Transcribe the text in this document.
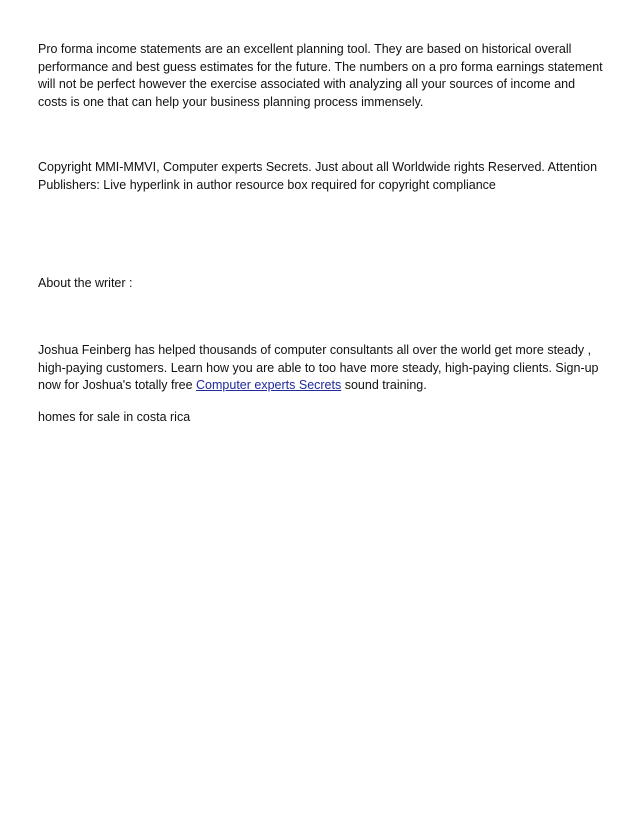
Pro forma income statements are an excellent planning tool. They are based on historical overall performance and best guess estimates for the future. The numbers on a pro forma earnings statement will not be perfect however the exercise associated with analyzing all your sources of income and costs is one that can help your business planning process immensely.

Copyright MMI-MMVI, Computer experts Secrets. Just about all Worldwide rights Reserved. Attention Publishers: Live hyperlink in author resource box required for copyright compliance

About the writer :

Joshua Feinberg has helped thousands of computer consultants all over the world get more steady , high-paying customers. Learn how you are able to too have more steady, high-paying clients. Sign-up now for Joshua's totally free Computer experts Secrets sound training.

homes for sale in costa rica
